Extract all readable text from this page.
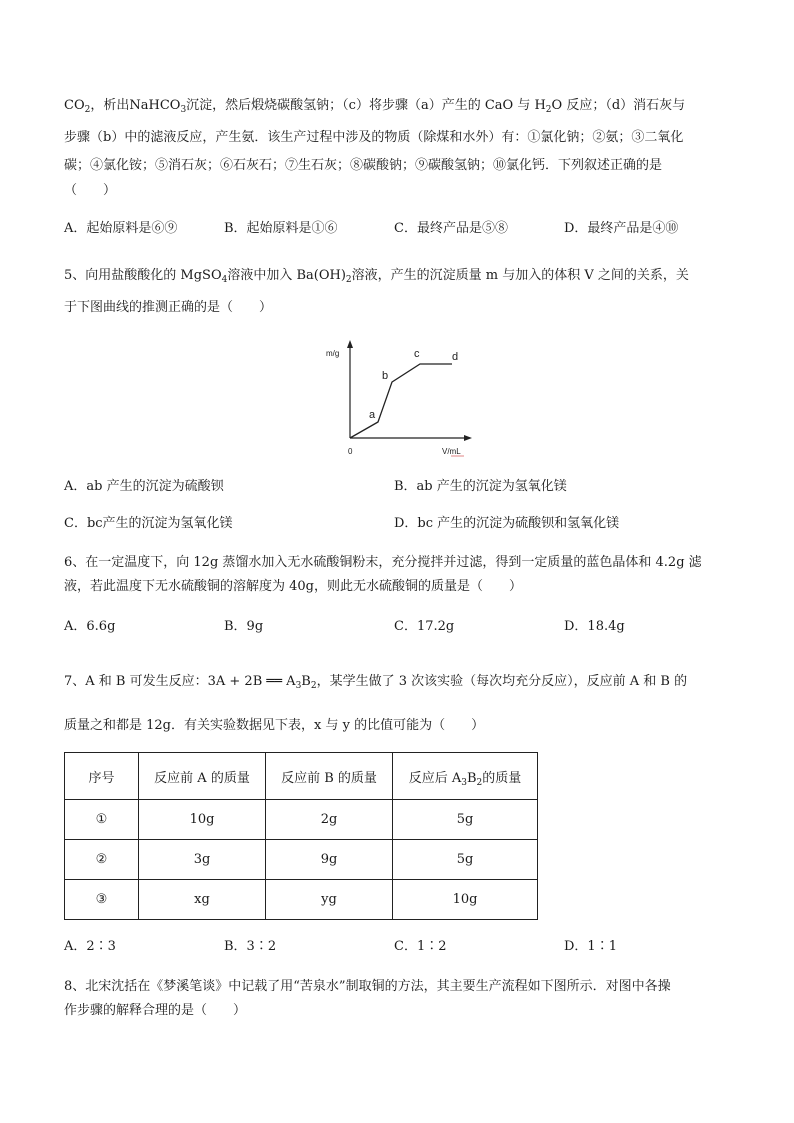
$CO_2$，析出NaHCO$_3$沉淀，然后煅烧碳酸氢钠；（c）将步骤（a）产生的 CaO 与 $H_2O$ 反应；（d）消石灰与
步骤（b）中的滤液反应，产生氨．该生产过程中涉及的物质（除煤和水外）有：①氯化钠；②氨；③二氧化
碳；④氯化铵；⑤消石灰；⑥石灰石；⑦生石灰；⑧碳酸钠；⑨碳酸氢钠；⑩氯化钙．下列叙述正确的是
（　　）
A．起始原料是⑥⑨	B．起始原料是①⑥	C．最终产品是⑤⑧	D．最终产品是④⑩
5、向用盐酸酸化的 MgSO$_4$溶液中加入 $Ba(OH)_2$溶液，产生的沉淀质量 m 与加入的体积 V 之间的关系，关
于下图曲线的推测正确的是（　　）
m/g
V/mL
0
a
b
c	d
A．ab 产生的沉淀为硫酸钡	B．ab 产生的沉淀为氢氧化镁
C．bc产生的沉淀为氢氧化镁	D．bc 产生的沉淀为硫酸钡和氢氧化镁
6、在一定温度下，向 12g 蒸馏水加入无水硫酸铜粉末，充分搅拌并过滤，得到一定质量的蓝色晶体和 4.2g 滤
液，若此温度下无水硫酸铜的溶解度为 40g，则此无水硫酸铜的质量是（　　）
A．6.6g	B．9g	C．17.2g	D．18.4g
7、A 和 B 可发生反应：3A + 2B ══ $A_3B_2$，某学生做了 3 次该实验（每次均充分反应），反应前 A 和 B 的
质量之和都是 12g．有关实验数据见下表，x 与 y 的比值可能为（　　）
序号	反应前 A 的质量	反应前 B 的质量	反应后 $A_3B_2$的质量
①	10g	2g	5g
②	3g	9g	5g
③	xg	yg	10g
A．2∶3	B．3∶2	C．1∶2	D．1∶1
8、北宋沈括在《梦溪笔谈》中记载了用“苦泉水”制取铜的方法，其主要生产流程如下图所示．对图中各操
作步骤的解释合理的是（　　）
